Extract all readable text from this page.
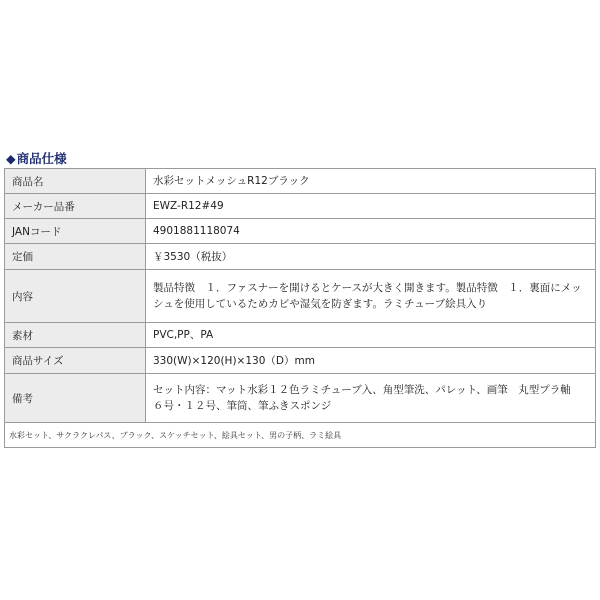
◆商品仕様
商品名	水彩セットメッシュR12ブラック
メーカー品番	EWZ-R12#49
JANコード	4901881118074
定価	￥3530（税抜）
内容	製品特徴　１．ファスナーを開けるとケースが大きく開きます。製品特徴　１．裏面にメッシュを使用しているためカビや湿気を防ぎます。ラミチューブ絵具入り
素材	PVC,PP、PA
商品サイズ	330(W)×120(H)×130（D）mm
備考	セット内容：マット水彩１２色ラミチューブ入、角型筆洗、パレット、画筆　丸型プラ軸　６号・１２号、筆筒、筆ふきスポンジ
水彩セット、サクラクレパス、ブラック、スケッチセット、絵具セット、男の子柄、ラミ絵具	
